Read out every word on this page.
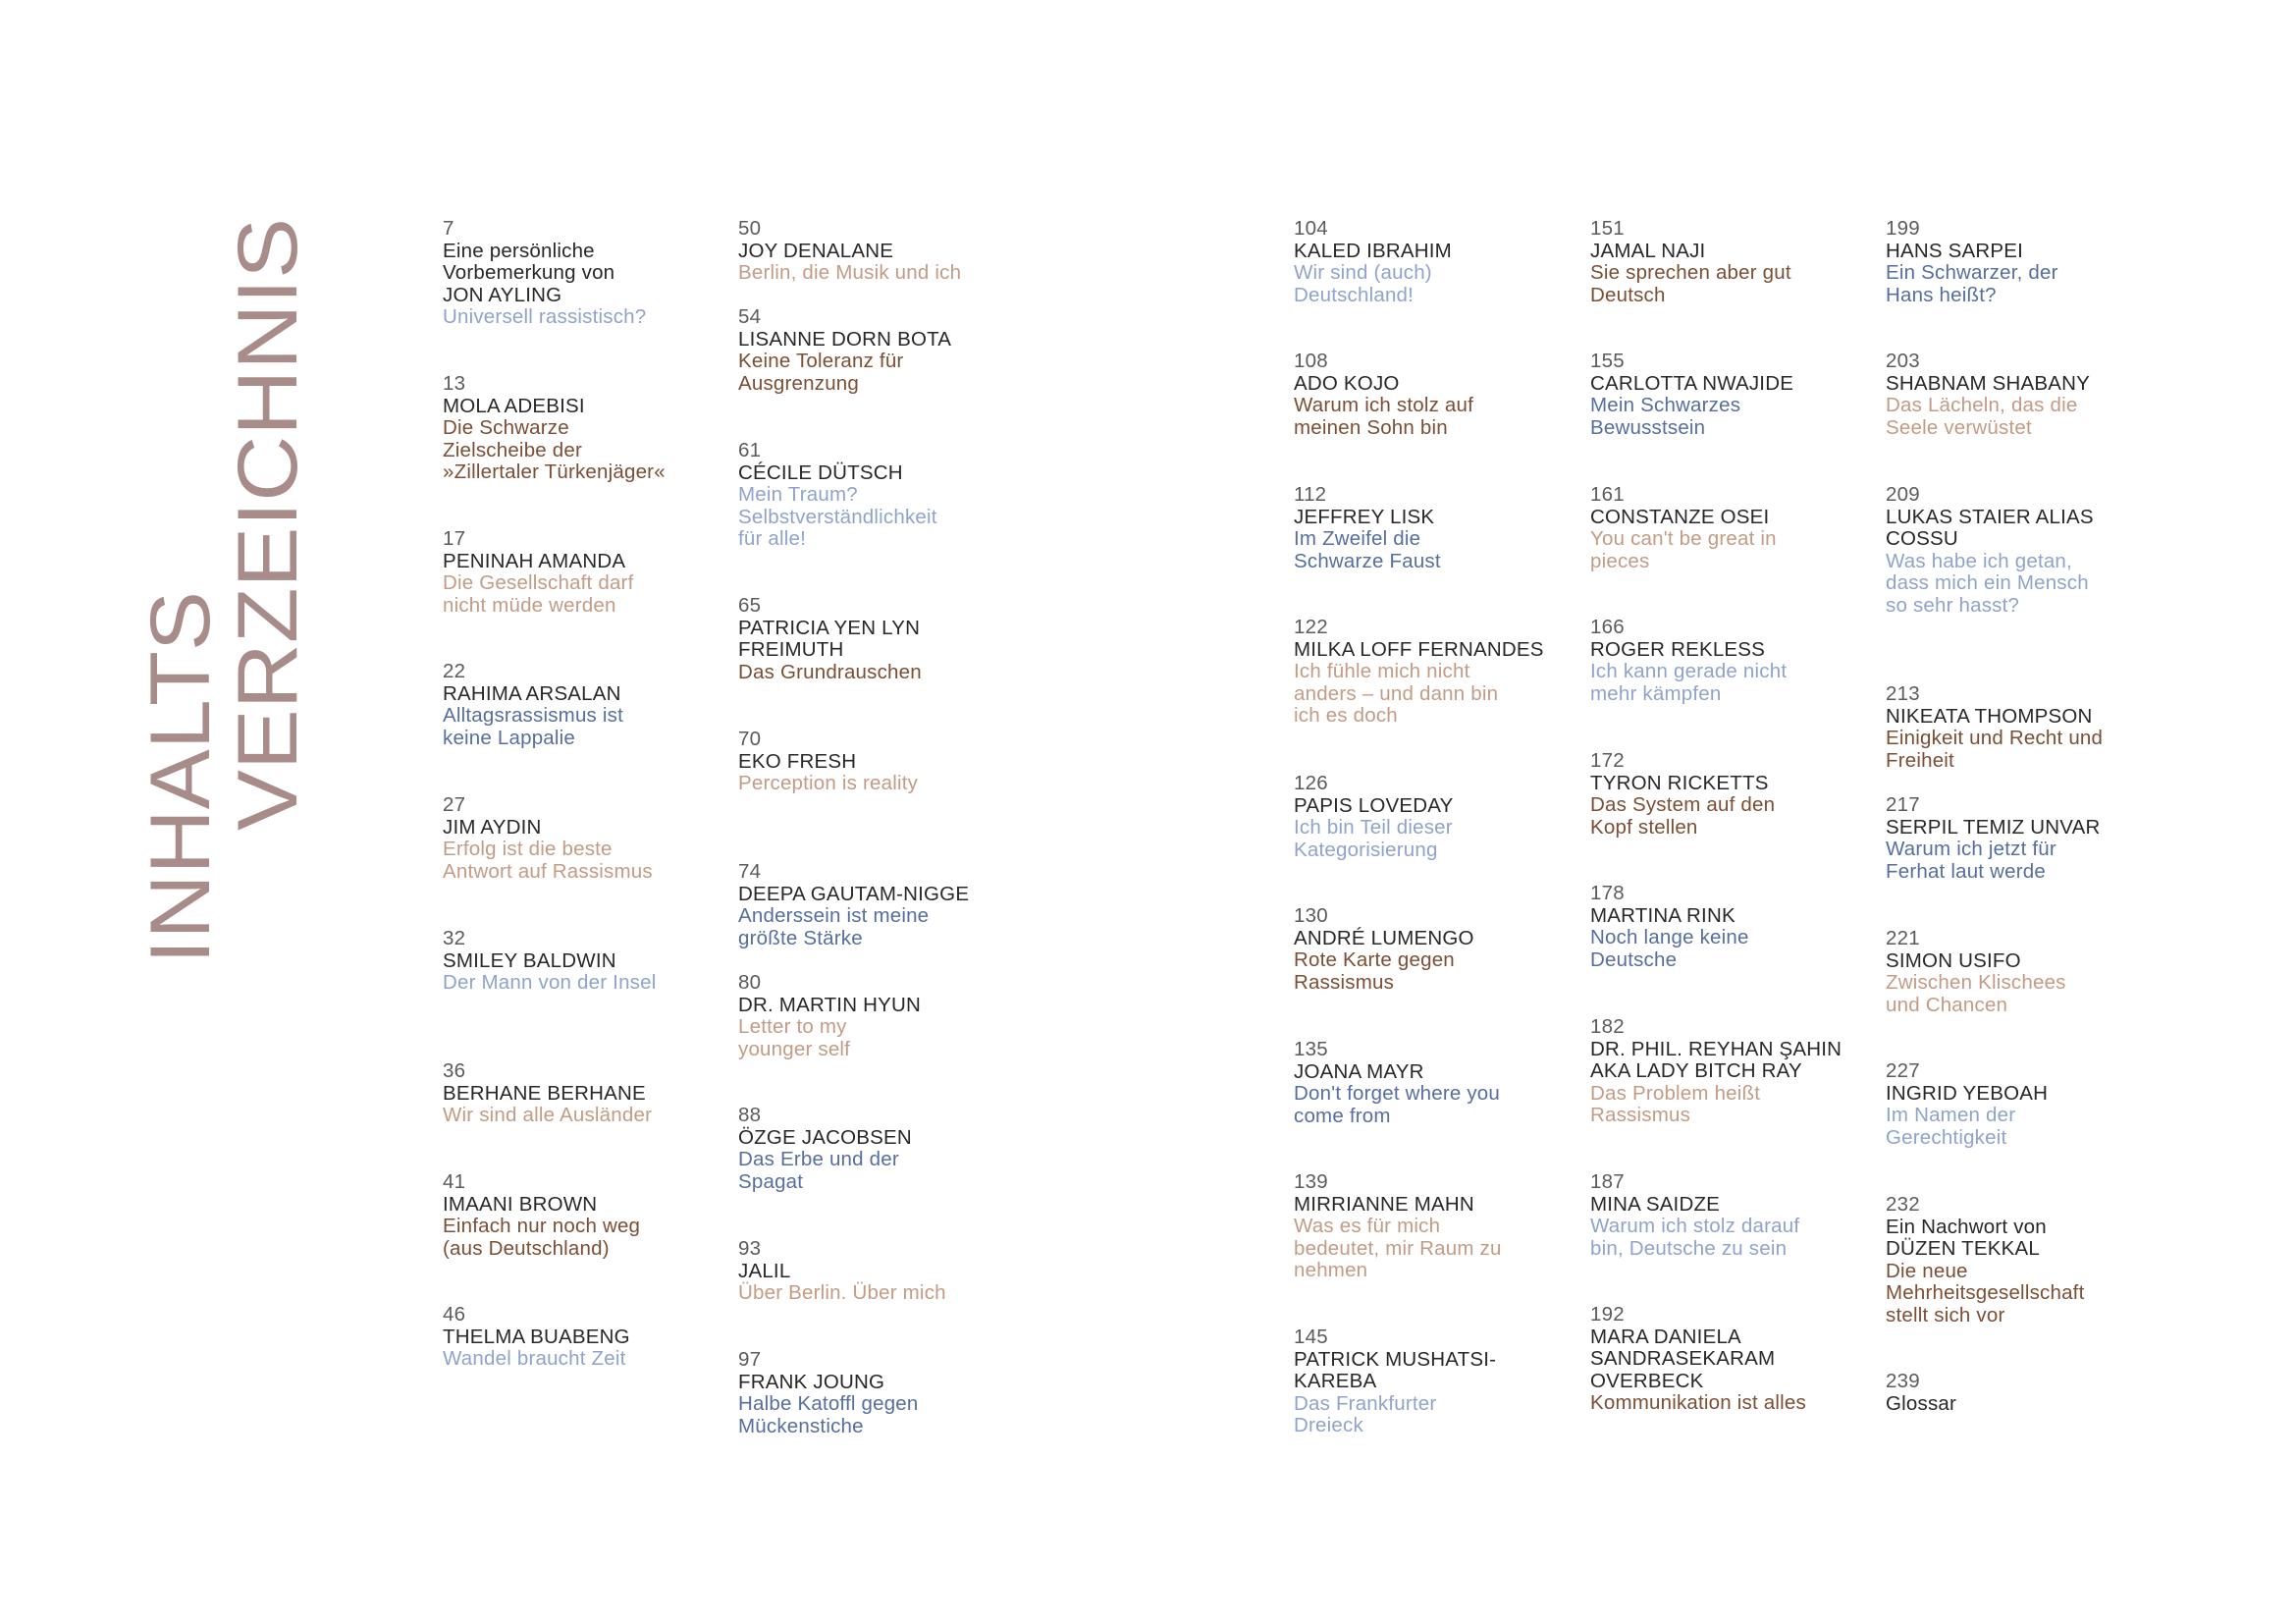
INHALTS
VERZEICHNIS
7
Eine persönliche
Vorbemerkung von
JON AYLING
Universell rassistisch?
13
MOLA ADEBISI
Die Schwarze
Zielscheibe der
»Zillertaler Türkenjäger«
17
PENINAH AMANDA
Die Gesellschaft darf
nicht müde werden
22
RAHIMA ARSALAN
Alltagsrassismus ist
keine Lappalie
27
JIM AYDIN
Erfolg ist die beste
Antwort auf Rassismus
32
SMILEY BALDWIN
Der Mann von der Insel
36
BERHANE BERHANE
Wir sind alle Ausländer
41
IMAANI BROWN
Einfach nur noch weg
(aus Deutschland)
46
THELMA BUABENG
Wandel braucht Zeit
50
JOY DENALANE
Berlin, die Musik und ich
54
LISANNE DORN BOTA
Keine Toleranz für
Ausgrenzung
61
CÉCILE DÜTSCH
Mein Traum?
Selbstverständlichkeit
für alle!
65
PATRICIA YEN LYN
FREIMUTH
Das Grundrauschen
70
EKO FRESH
Perception is reality
74
DEEPA GAUTAM-NIGGE
Anderssein ist meine
größte Stärke
80
DR. MARTIN HYUN
Letter to my
younger self
88
ÖZGE JACOBSEN
Das Erbe und der
Spagat
93
JALIL
Über Berlin. Über mich
97
FRANK JOUNG
Halbe Katoffl gegen
Mückenstiche
104
KALED IBRAHIM
Wir sind (auch)
Deutschland!
108
ADO KOJO
Warum ich stolz auf
meinen Sohn bin
112
JEFFREY LISK
Im Zweifel die
Schwarze Faust
122
MILKA LOFF FERNANDES
Ich fühle mich nicht
anders – und dann bin
ich es doch
126
PAPIS LOVEDAY
Ich bin Teil dieser
Kategorisierung
130
ANDRÉ LUMENGO
Rote Karte gegen
Rassismus
135
JOANA MAYR
Don't forget where you
come from
139
MIRRIANNE MAHN
Was es für mich
bedeutet, mir Raum zu
nehmen
145
PATRICK MUSHATSI-
KAREBA
Das Frankfurter
Dreieck
151
JAMAL NAJI
Sie sprechen aber gut
Deutsch
155
CARLOTTA NWAJIDE
Mein Schwarzes
Bewusstsein
161
CONSTANZE OSEI
You can't be great in
pieces
166
ROGER REKLESS
Ich kann gerade nicht
mehr kämpfen
172
TYRON RICKETTS
Das System auf den
Kopf stellen
178
MARTINA RINK
Noch lange keine
Deutsche
182
DR. PHIL. REYHAN ŞAHIN
AKA LADY BITCH RAY
Das Problem heißt
Rassismus
187
MINA SAIDZE
Warum ich stolz darauf
bin, Deutsche zu sein
192
MARA DANIELA
SANDRASEKARAM
OVERBECK
Kommunikation ist alles
199
HANS SARPEI
Ein Schwarzer, der
Hans heißt?
203
SHABNAM SHABANY
Das Lächeln, das die
Seele verwüstet
209
LUKAS STAIER ALIAS
COSSU
Was habe ich getan,
dass mich ein Mensch
so sehr hasst?
213
NIKEATA THOMPSON
Einigkeit und Recht und
Freiheit
217
SERPIL TEMIZ UNVAR
Warum ich jetzt für
Ferhat laut werde
221
SIMON USIFO
Zwischen Klischees
und Chancen
227
INGRID YEBOAH
Im Namen der
Gerechtigkeit
232
Ein Nachwort von
DÜZEN TEKKAL
Die neue
Mehrheitsgesellschaft
stellt sich vor
239
Glossar
